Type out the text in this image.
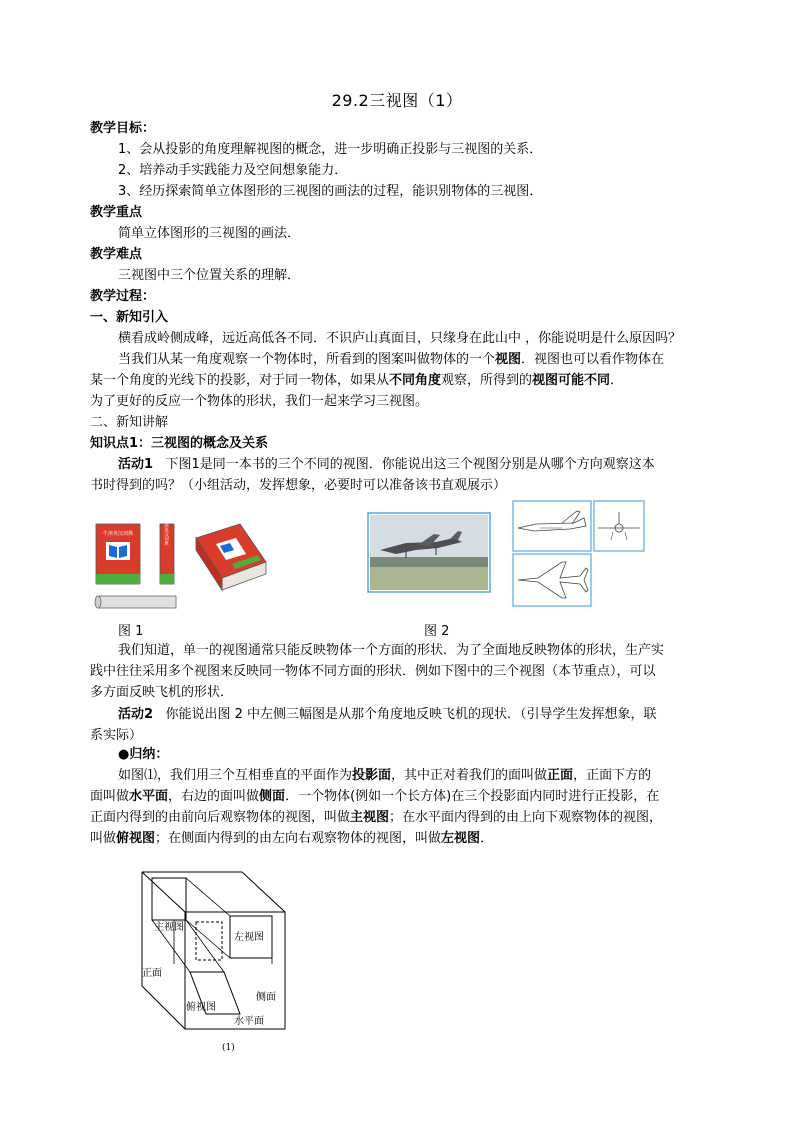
29.2三视图（1）
教学目标：
1、会从投影的角度理解视图的概念，进一步明确正投影与三视图的关系．
2、培养动手实践能力及空间想象能力．
3、经历探索简单立体图形的三视图的画法的过程，能识别物体的三视图．
教学重点
简单立体图形的三视图的画法．
教学难点
三视图中三个位置关系的理解．
教学过程：
一、新知引入
横看成岭侧成峰，远近高低各不同．不识庐山真面目，只缘身在此山中 ，你能说明是什么原因吗？
当我们从某一角度观察一个物体时，所看到的图案叫做物体的一个视图．视图也可以看作物体在
某一个角度的光线下的投影，对于同一物体，如果从不同角度观察，所得到的视图可能不同．
为了更好的反应一个物体的形状，我们一起来学习三视图。
二、新知讲解
知识点1：三视图的概念及关系
活动1 下图1是同一本书的三个不同的视图．你能说出这三个视图分别是从哪个方向观察这本
书时得到的吗？（小组活动，发挥想象，必要时可以准备该书直观展示）
牛津英汉词典	牛津英汉词典
图 1	图 2
我们知道，单一的视图通常只能反映物体一个方面的形状．为了全面地反映物体的形状，生产实
践中往往采用多个视图来反映同一物体不同方面的形状．例如下图中的三个视图（本节重点），可以
多方面反映飞机的形状．
活动2 你能说出图 2 中左侧三幅图是从那个角度地反映飞机的现状．（引导学生发挥想象，联
系实际）
●归纳：
如图⑴，我们用三个互相垂直的平面作为投影面，其中正对着我们的面叫做正面，正面下方的
面叫做水平面，右边的面叫做侧面．一个物体(例如一个长方体)在三个投影面内同时进行正投影，在
正面内得到的由前向后观察物体的视图，叫做主视图；在水平面内得到的由上向下观察物体的视图，
叫做俯视图；在侧面内得到的由左向右观察物体的视图，叫做左视图．
主视图
左视图
正面
俯视图
侧面
水平面
(1)
